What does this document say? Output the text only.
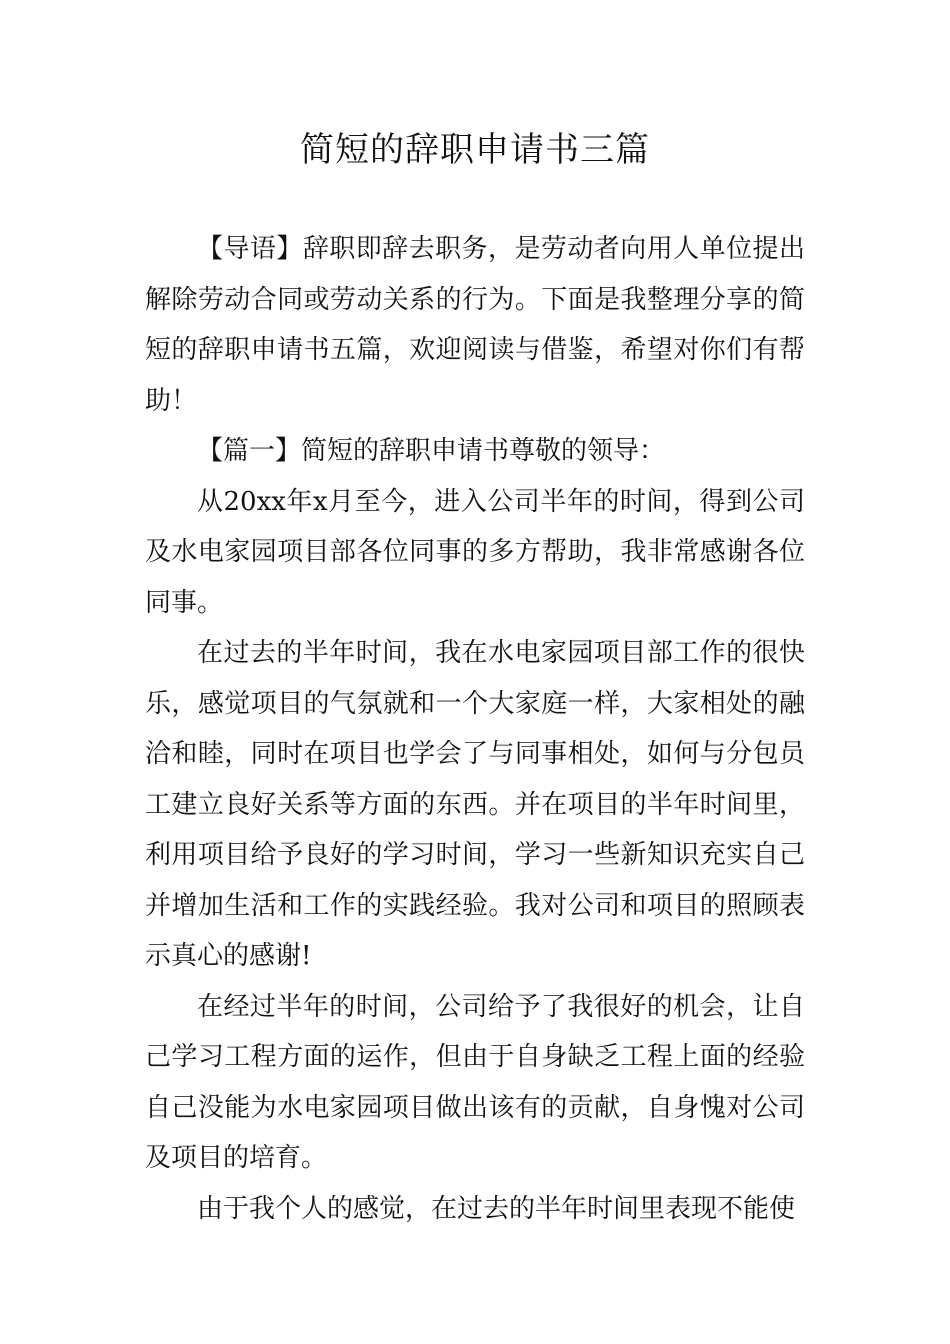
简短的辞职申请书三篇

【导语】辞职即辞去职务，是劳动者向用人单位提出解除劳动合同或劳动关系的行为。下面是我整理分享的简短的辞职申请书五篇，欢迎阅读与借鉴，希望对你们有帮助！

【篇一】简短的辞职申请书尊敬的领导：

从20xx年x月至今，进入公司半年的时间，得到公司及水电家园项目部各位同事的多方帮助，我非常感谢各位同事。

在过去的半年时间，我在水电家园项目部工作的很快乐，感觉项目的气氛就和一个大家庭一样，大家相处的融洽和睦，同时在项目也学会了与同事相处，如何与分包员工建立良好关系等方面的东西。并在项目的半年时间里，利用项目给予良好的学习时间，学习一些新知识充实自己并增加生活和工作的实践经验。我对公司和项目的照顾表示真心的感谢!

在经过半年的时间，公司给予了我很好的机会，让自己学习工程方面的运作，但由于自身缺乏工程上面的经验自己没能为水电家园项目做出该有的贡献，自身愧对公司及项目的培育。

由于我个人的感觉，在过去的半年时间里表现不能使
